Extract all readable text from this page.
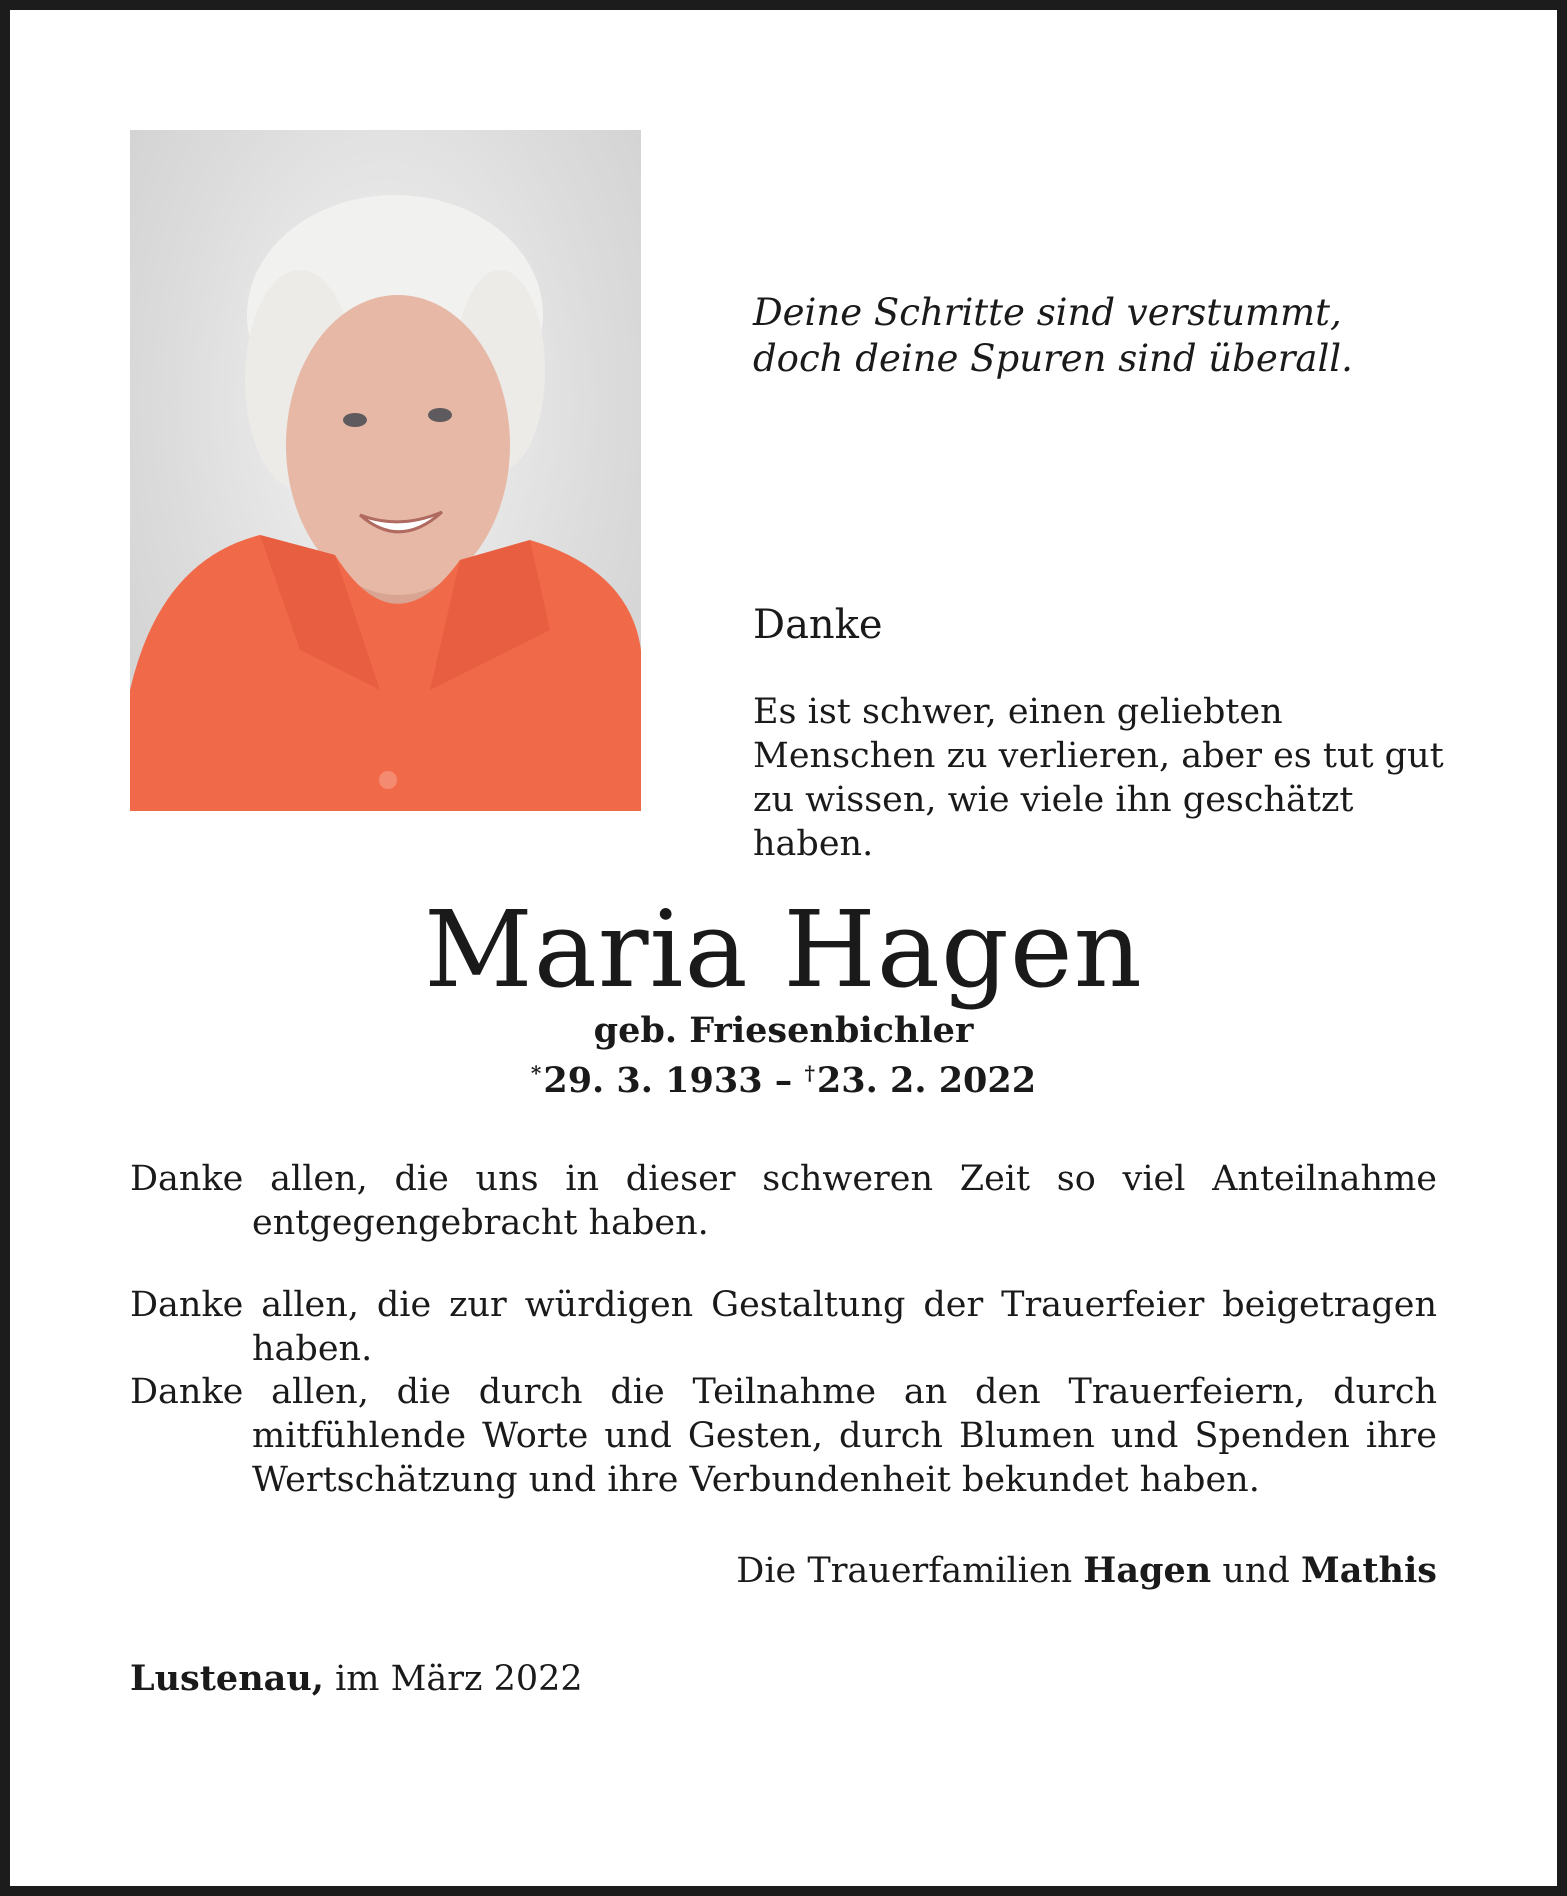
Deine Schritte sind verstummt,
doch deine Spuren sind überall.
Danke
Es ist schwer, einen geliebten Menschen zu verlieren, aber es tut gut zu wissen, wie viele ihn geschätzt haben.
Maria Hagen
geb. Friesenbichler
*29. 3. 1933 – †23. 2. 2022
Danke allen, die uns in dieser schweren Zeit so viel Anteilnahme entgegengebracht haben.
Danke allen, die zur würdigen Gestaltung der Trauerfeier beigetragen haben.
Danke allen, die durch die Teilnahme an den Trauerfeiern, durch mitfühlende Worte und Gesten, durch Blumen und Spenden ihre Wertschätzung und ihre Verbundenheit bekundet haben.
Die Trauerfamilien Hagen und Mathis
Lustenau, im März 2022
